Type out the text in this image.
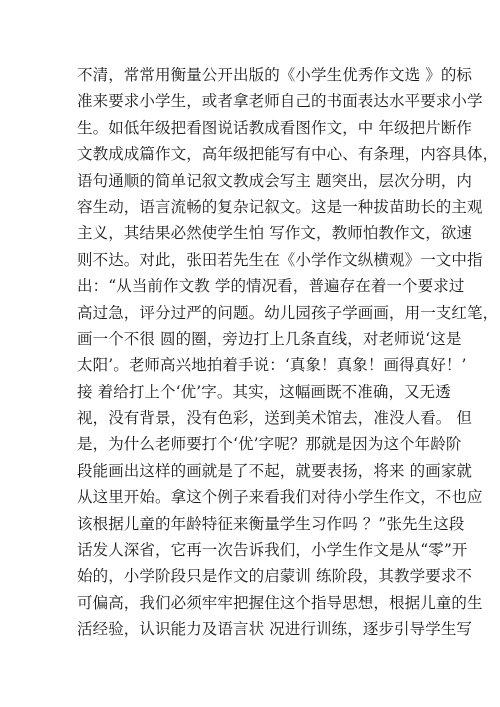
不清，常常用衡量公开出版的《小学生优秀作文选 》的标
准来要求小学生，或者拿老师自己的书面表达水平要求小学
生。如低年级把看图说话教成看图作文，中 年级把片断作
文教成成篇作文，高年级把能写有中心、有条理，内容具体，
语句通顺的简单记叙文教成会写主 题突出，层次分明，内
容生动，语言流畅的复杂记叙文。这是一种拔苗助长的主观
主义，其结果必然使学生怕 写作文，教师怕教作文，欲速
则不达。对此，张田若先生在《小学作文纵横观》一文中指
出：“从当前作文教 学的情况看，普遍存在着一个要求过
高过急，评分过严的问题。幼儿园孩子学画画，用一支红笔，
画一个不很 圆的圈，旁边打上几条直线，对老师说‘这是
太阳’。老师高兴地拍着手说：‘真象！真象！画得真好！’
接 着给打上个‘优’字。其实，这幅画既不准确，又无透
视，没有背景，没有色彩，送到美术馆去，准没人看。 但
是，为什么老师要打个‘优’字呢？那就是因为这个年龄阶
段能画出这样的画就是了不起，就要表扬，将来 的画家就
从这里开始。拿这个例子来看我们对待小学生作文，不也应
该根据儿童的年龄特征来衡量学生习作吗 ？”张先生这段
话发人深省，它再一次告诉我们，小学生作文是从“零”开
始的，小学阶段只是作文的启蒙训 练阶段，其教学要求不
可偏高，我们必须牢牢把握住这个指导思想，根据儿童的生
活经验，认识能力及语言状 况进行训练，逐步引导学生写
